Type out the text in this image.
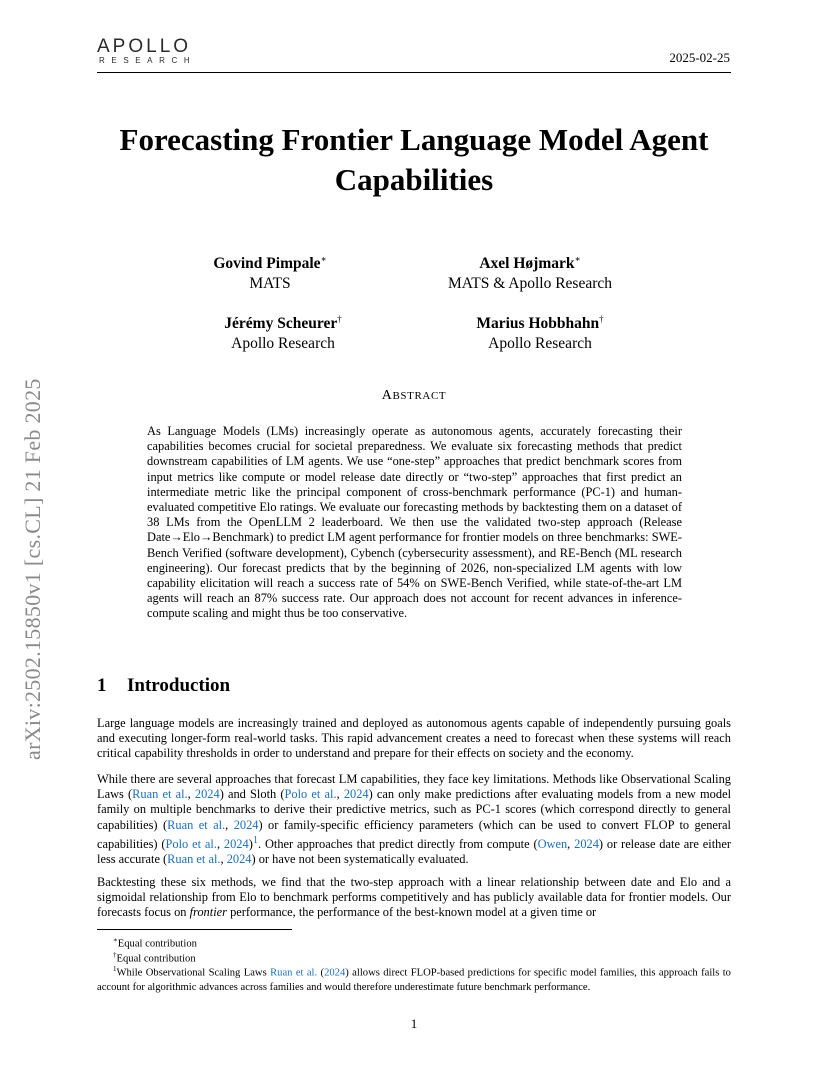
APOLLO
RESEARCH	2025-02-25
Forecasting Frontier Language Model Agent Capabilities
Govind Pimpale∗
MATS
Axel Højmark∗
MATS & Apollo Research
Jérémy Scheurer†
Apollo Research
Marius Hobbhahn†
Apollo Research
ABSTRACT
As Language Models (LMs) increasingly operate as autonomous agents, accurately forecasting their capabilities becomes crucial for societal preparedness. We evaluate six forecasting methods that predict downstream capabilities of LM agents. We use “one-step” approaches that predict benchmark scores from input metrics like compute or model release date directly or “two-step” approaches that first predict an intermediate metric like the principal component of cross-benchmark performance (PC-1) and human-evaluated competitive Elo ratings. We evaluate our forecasting methods by backtesting them on a dataset of 38 LMs from the OpenLLM 2 leaderboard. We then use the validated two-step approach (Release Date→Elo→Benchmark) to predict LM agent performance for frontier models on three benchmarks: SWE-Bench Verified (software development), Cybench (cybersecurity assessment), and RE-Bench (ML research engineering). Our forecast predicts that by the beginning of 2026, non-specialized LM agents with low capability elicitation will reach a success rate of 54% on SWE-Bench Verified, while state-of-the-art LM agents will reach an 87% success rate. Our approach does not account for recent advances in inference-compute scaling and might thus be too conservative.
arXiv:2502.15850v1 [cs.CL] 21 Feb 2025	1 Introduction
Large language models are increasingly trained and deployed as autonomous agents capable of independently pursuing goals and executing longer-form real-world tasks. This rapid advancement creates a need to forecast when these systems will reach critical capability thresholds in order to understand and prepare for their effects on society and the economy.
While there are several approaches that forecast LM capabilities, they face key limitations. Methods like Observational Scaling Laws (Ruan et al., 2024) and Sloth (Polo et al., 2024) can only make predictions after evaluating models from a new model family on multiple benchmarks to derive their predictive metrics, such as PC-1 scores (which correspond directly to general capabilities) (Ruan et al., 2024) or family-specific efficiency parameters (which can be used to convert FLOP to general capabilities) (Polo et al., 2024)$^1$. Other approaches that predict directly from compute (Owen, 2024) or release date are either less accurate (Ruan et al., 2024) or have not been systematically evaluated.
Backtesting these six methods, we find that the two-step approach with a linear relationship between date and Elo and a sigmoidal relationship from Elo to benchmark performs competitively and has publicly available data for frontier models. Our forecasts focus on frontier performance, the performance of the best-known model at a given time or
∗Equal contribution
†Equal contribution
$^1$While Observational Scaling Laws Ruan et al. (2024) allows direct FLOP-based predictions for specific model families, this approach fails to account for algorithmic advances across families and would therefore underestimate future benchmark performance.
1
